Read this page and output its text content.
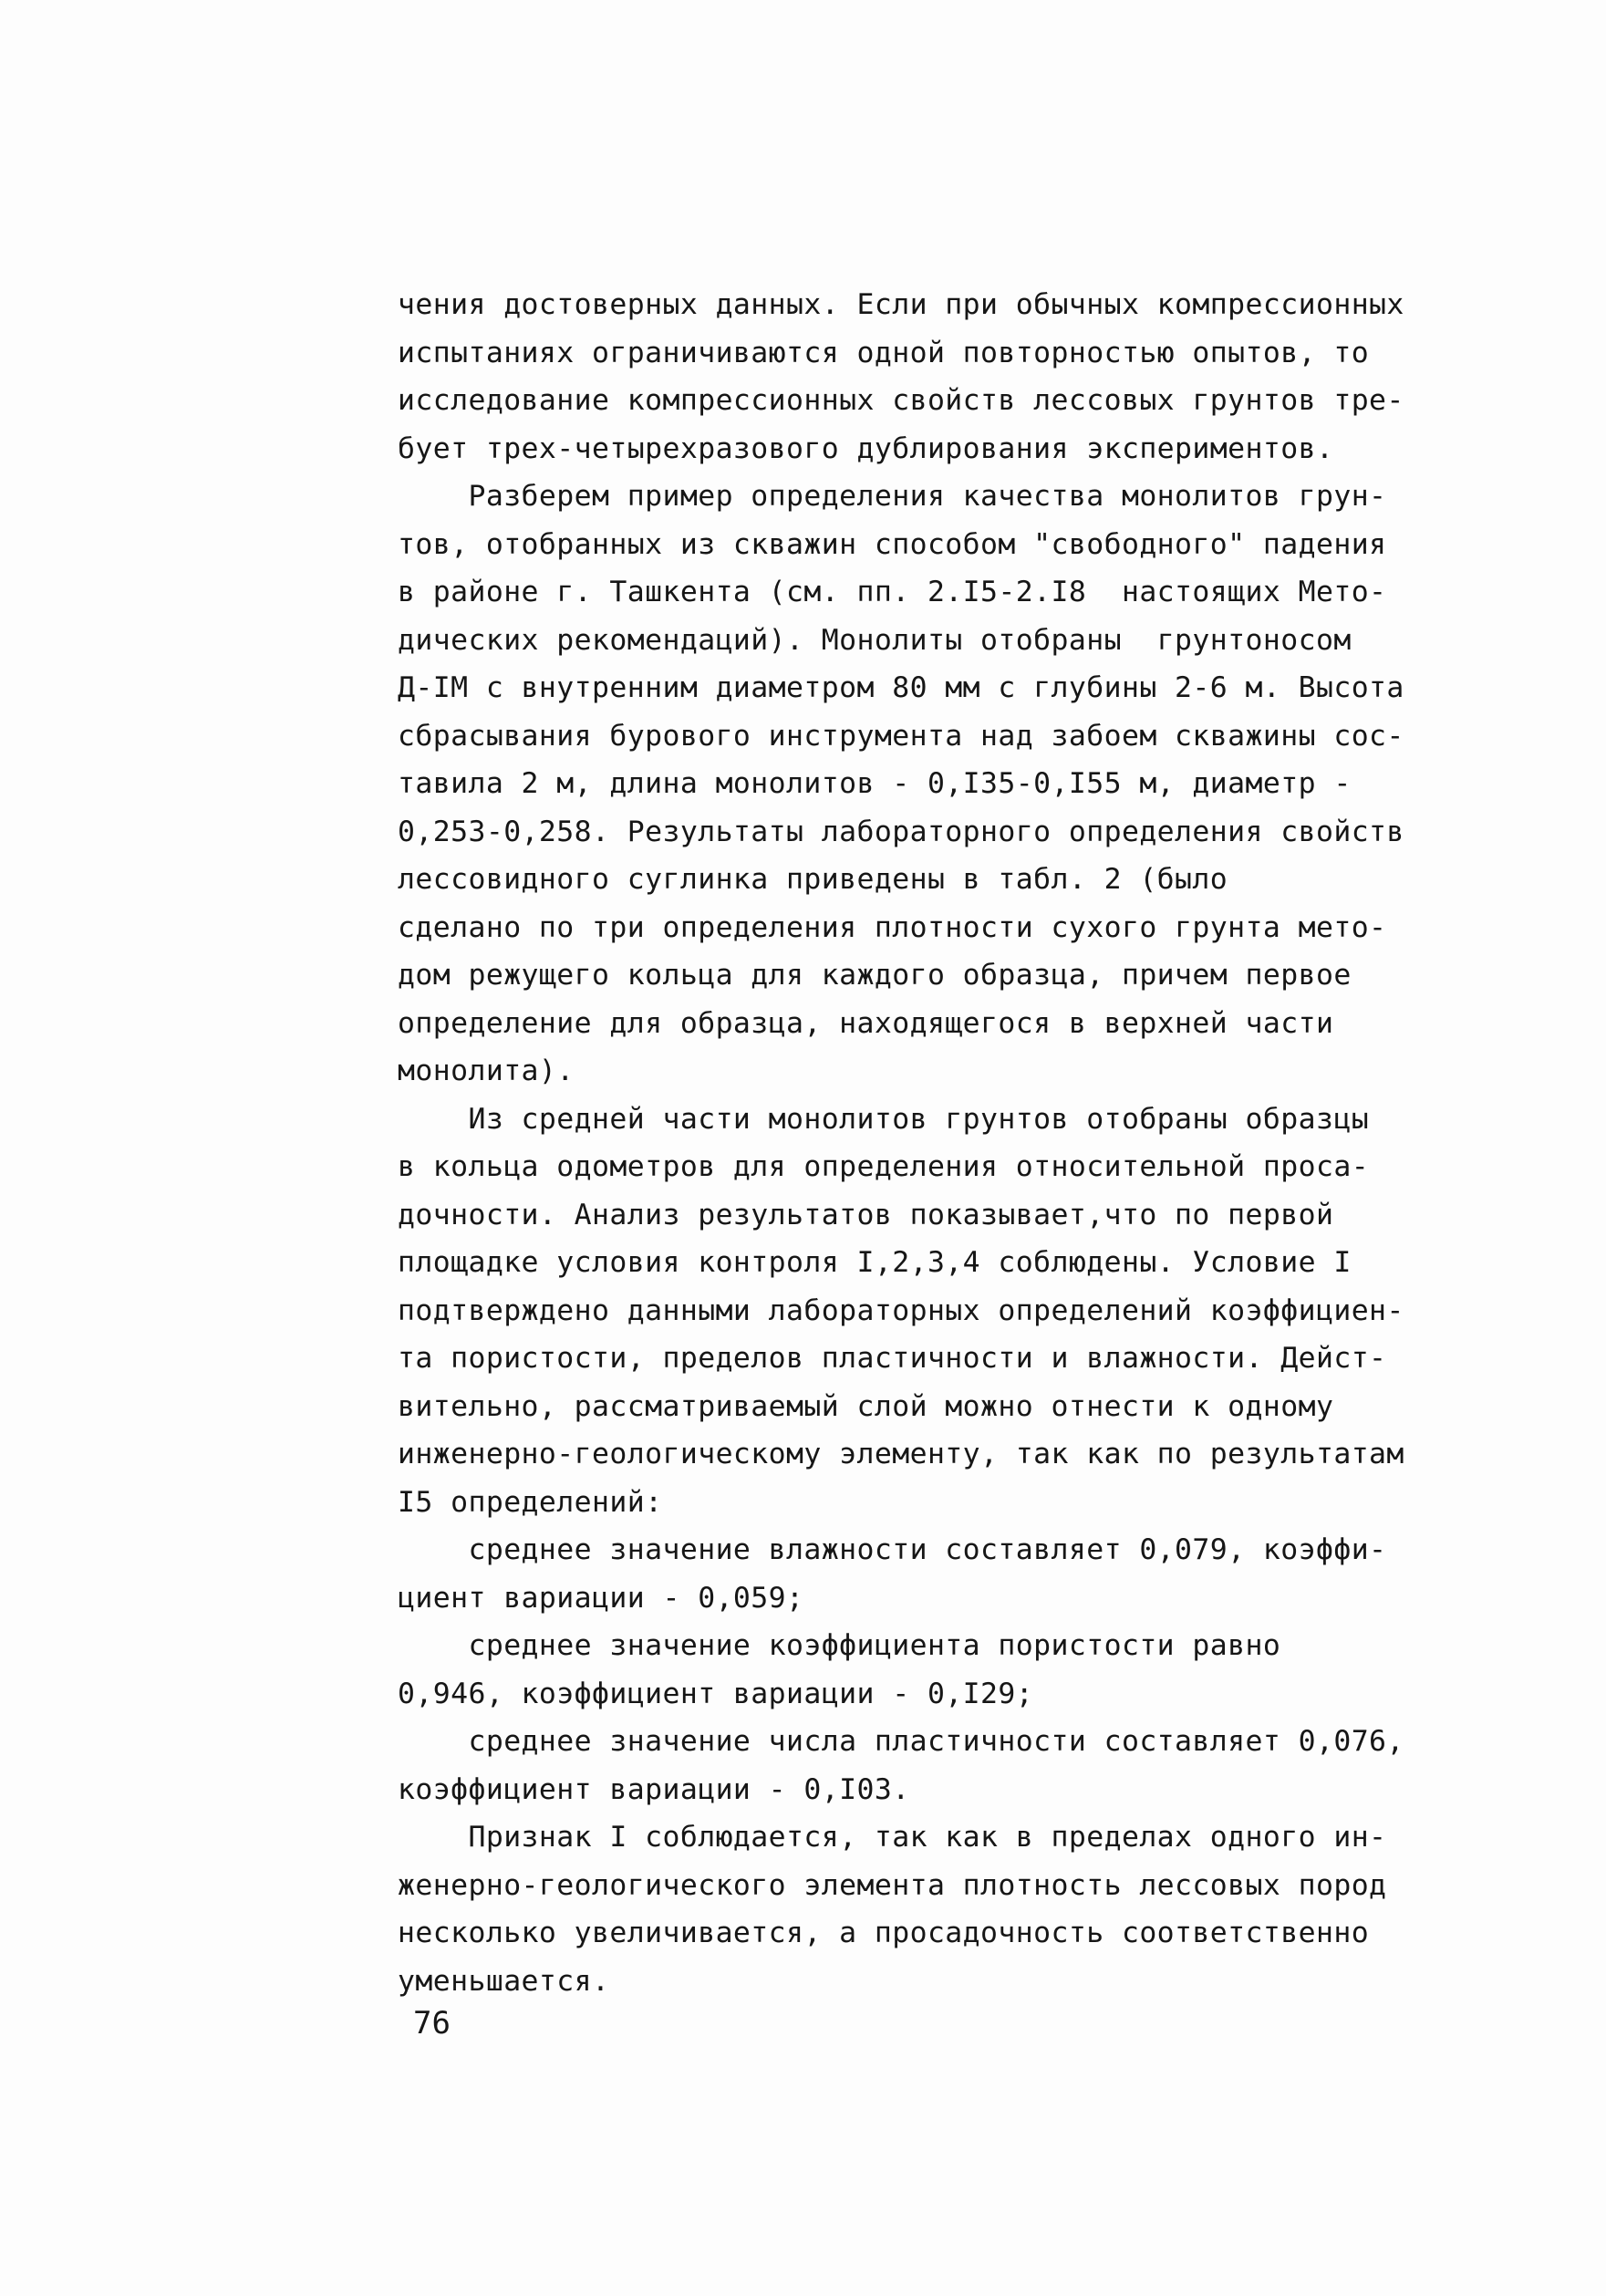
чения достоверных данных. Если при обычных компрессионных
испытаниях ограничиваются одной повторностью опытов, то
исследование компрессионных свойств лессовых грунтов тре-
бует трех-четырехразового дублирования экспериментов.
Разберем пример определения качества монолитов грун-
тов, отобранных из скважин способом "свободного" падения
в районе г. Ташкента (см. пп. 2.I5-2.I8  настоящих Мето-
дических рекомендаций). Монолиты отобраны  грунтоносом
Д-IМ с внутренним диаметром 80 мм с глубины 2-6 м. Высота
сбрасывания бурового инструмента над забоем скважины сос-
тавила 2 м, длина монолитов - 0,I35-0,I55 м, диаметр -
0,253-0,258. Результаты лабораторного определения свойств
лессовидного суглинка приведены в табл. 2 (было
сделано по три определения плотности сухого грунта мето-
дом режущего кольца для каждого образца, причем первое
определение для образца, находящегося в верхней части
монолита).
Из средней части монолитов грунтов отобраны образцы
в кольца одометров для определения относительной проса-
дочности. Анализ результатов показывает,что по первой
площадке условия контроля I,2,3,4 соблюдены. Условие I
подтверждено данными лабораторных определений коэффициен-
та пористости, пределов пластичности и влажности. Дейст-
вительно, рассматриваемый слой можно отнести к одному
инженерно-геологическому элементу, так как по результатам
I5 определений:
среднее значение влажности составляет 0,079, коэффи-
циент вариации - 0,059;
среднее значение коэффициента пористости равно
0,946, коэффициент вариации - 0,I29;
среднее значение числа пластичности составляет 0,076,
коэффициент вариации - 0,I03.
Признак I соблюдается, так как в пределах одного ин-
женерно-геологического элемента плотность лессовых пород
несколько увеличивается, а просадочность соответственно
уменьшается.
76
